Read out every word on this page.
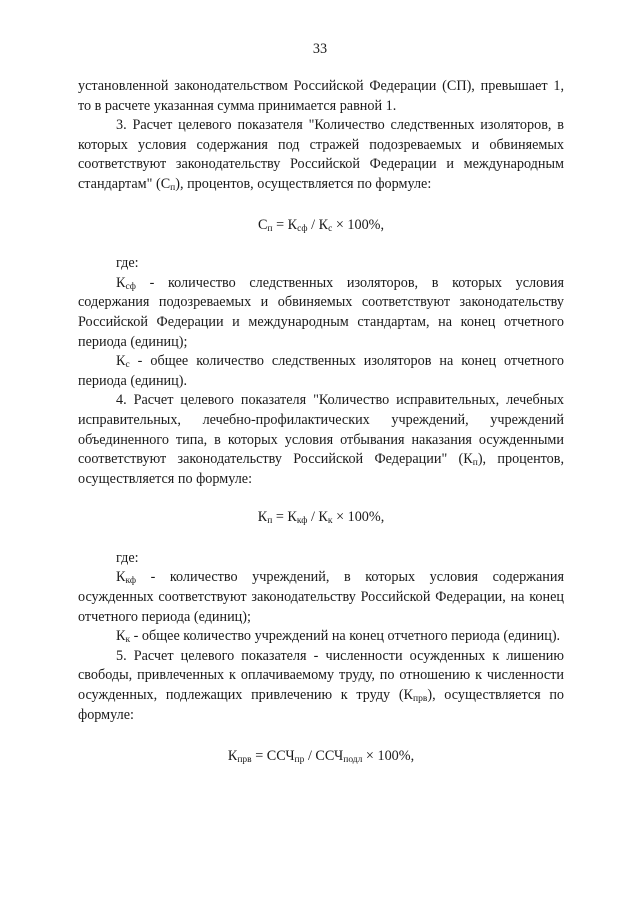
33

установленной законодательством Российской Федерации (СП), превышает 1, то в расчете указанная сумма принимается равной 1.

3. Расчет целевого показателя "Количество следственных изоляторов, в которых условия содержания под стражей подозреваемых и обвиняемых соответствуют законодательству Российской Федерации и международным стандартам" $(С_п)$, процентов, осуществляется по формуле:

$С_п = К_{сф} / К_с \times 100\%$,

где:

$К_{сф}$ - количество следственных изоляторов, в которых условия содержания подозреваемых и обвиняемых соответствуют законодательству Российской Федерации и международным стандартам, на конец отчетного периода (единиц);

$К_с$ - общее количество следственных изоляторов на конец отчетного периода (единиц).

4. Расчет целевого показателя "Количество исправительных, лечебных исправительных, лечебно-профилактических учреждений, учреждений объединенного типа, в которых условия отбывания наказания осужденными соответствуют законодательству Российской Федерации" $(К_п)$, процентов, осуществляется по формуле:

$К_п = К_{кф} / К_к \times 100\%$,

где:

$К_{кф}$ - количество учреждений, в которых условия содержания осужденных соответствуют законодательству Российской Федерации, на конец отчетного периода (единиц);

$К_к$ - общее количество учреждений на конец отчетного периода (единиц).

5. Расчет целевого показателя - численности осужденных к лишению свободы, привлеченных к оплачиваемому труду, по отношению к численности осужденных, подлежащих привлечению к труду $(К_{прв})$, осуществляется по формуле:

$К_{прв} = ССЧ_{пр} / ССЧ_{подл} \times 100\%$,
